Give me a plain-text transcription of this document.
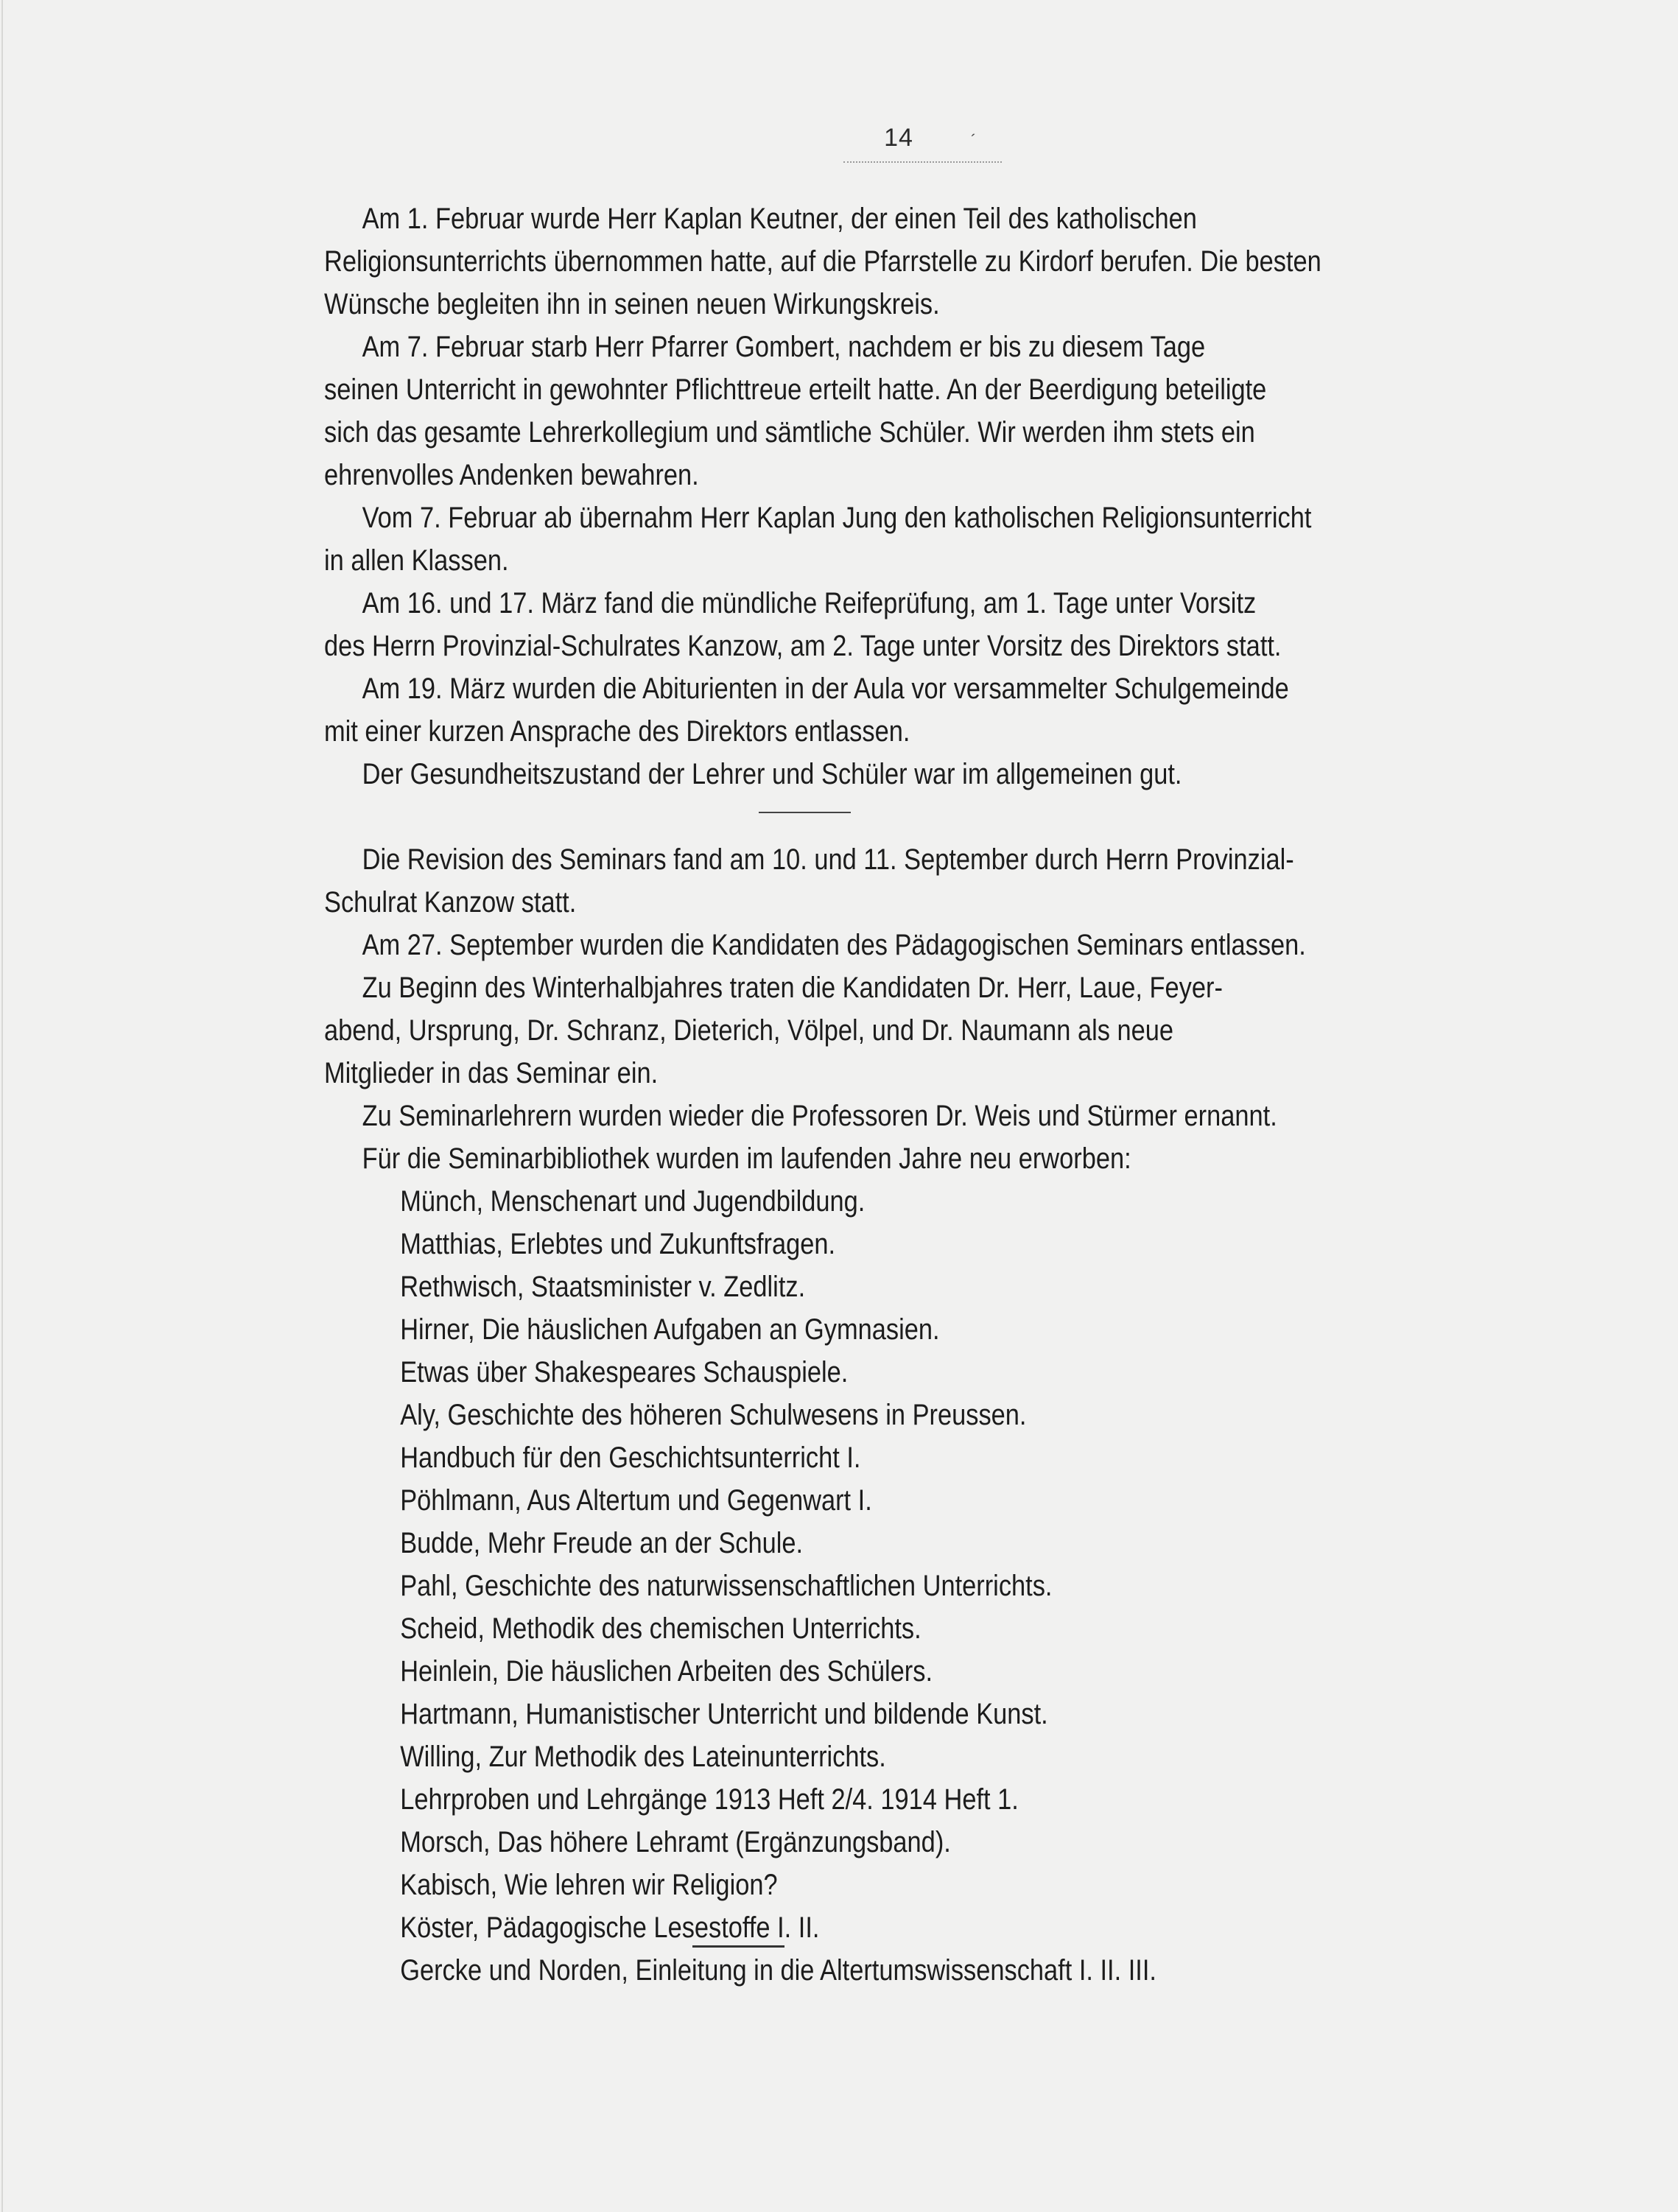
14	´
Am 1. Februar wurde Herr Kaplan Keutner, der einen Teil des katholischen
Religionsunterrichts übernommen hatte, auf die Pfarrstelle zu Kirdorf berufen. Die besten
Wünsche begleiten ihn in seinen neuen Wirkungskreis.
Am 7. Februar starb Herr Pfarrer Gombert, nachdem er bis zu diesem Tage
seinen Unterricht in gewohnter Pflichttreue erteilt hatte. An der Beerdigung beteiligte
sich das gesamte Lehrerkollegium und sämtliche Schüler. Wir werden ihm stets ein
ehrenvolles Andenken bewahren.
Vom 7. Februar ab übernahm Herr Kaplan Jung den katholischen Religionsunterricht
in allen Klassen.
Am 16. und 17. März fand die mündliche Reifeprüfung, am 1. Tage unter Vorsitz
des Herrn Provinzial-Schulrates Kanzow, am 2. Tage unter Vorsitz des Direktors statt.
Am 19. März wurden die Abiturienten in der Aula vor versammelter Schulgemeinde
mit einer kurzen Ansprache des Direktors entlassen.
Der Gesundheitszustand der Lehrer und Schüler war im allgemeinen gut.
Die Revision des Seminars fand am 10. und 11. September durch Herrn Provinzial-
Schulrat Kanzow statt.
Am 27. September wurden die Kandidaten des Pädagogischen Seminars entlassen.
Zu Beginn des Winterhalbjahres traten die Kandidaten Dr. Herr, Laue, Feyer-
abend, Ursprung, Dr. Schranz, Dieterich, Völpel, und Dr. Naumann als neue
Mitglieder in das Seminar ein.
Zu Seminarlehrern wurden wieder die Professoren Dr. Weis und Stürmer ernannt.
Für die Seminarbibliothek wurden im laufenden Jahre neu erworben:
Münch, Menschenart und Jugendbildung.
Matthias, Erlebtes und Zukunftsfragen.
Rethwisch, Staatsminister v. Zedlitz.
Hirner, Die häuslichen Aufgaben an Gymnasien.
Etwas über Shakespeares Schauspiele.
Aly, Geschichte des höheren Schulwesens in Preussen.
Handbuch für den Geschichtsunterricht I.
Pöhlmann, Aus Altertum und Gegenwart I.
Budde, Mehr Freude an der Schule.
Pahl, Geschichte des naturwissenschaftlichen Unterrichts.
Scheid, Methodik des chemischen Unterrichts.
Heinlein, Die häuslichen Arbeiten des Schülers.
Hartmann, Humanistischer Unterricht und bildende Kunst.
Willing, Zur Methodik des Lateinunterrichts.
Lehrproben und Lehrgänge 1913 Heft 2/4. 1914 Heft 1.
Morsch, Das höhere Lehramt (Ergänzungsband).
Kabisch, Wie lehren wir Religion?
Köster, Pädagogische Lesestoffe I. II.
Gercke und Norden, Einleitung in die Altertumswissenschaft I. II. III.
